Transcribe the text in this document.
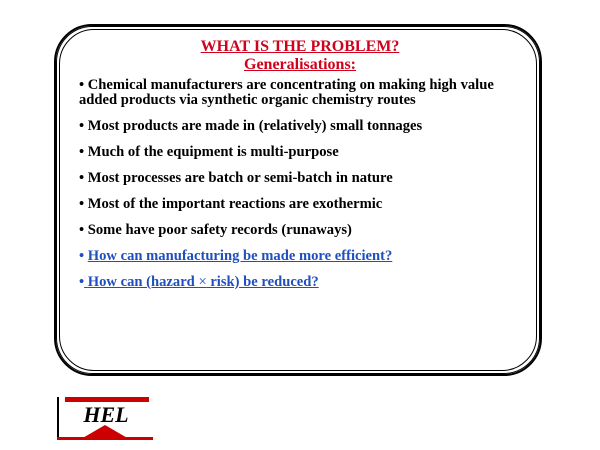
WHAT IS THE PROBLEM?
Generalisations:
• Chemical manufacturers are concentrating on making high value added products via synthetic organic chemistry routes
• Most products are made in (relatively) small tonnages
• Much of the equipment is multi-purpose
• Most processes are batch or semi-batch in nature
• Most of the important reactions are exothermic
• Some have poor safety records (runaways)
• How can manufacturing be made more efficient?
• How can (hazard × risk) be reduced?
HEL
